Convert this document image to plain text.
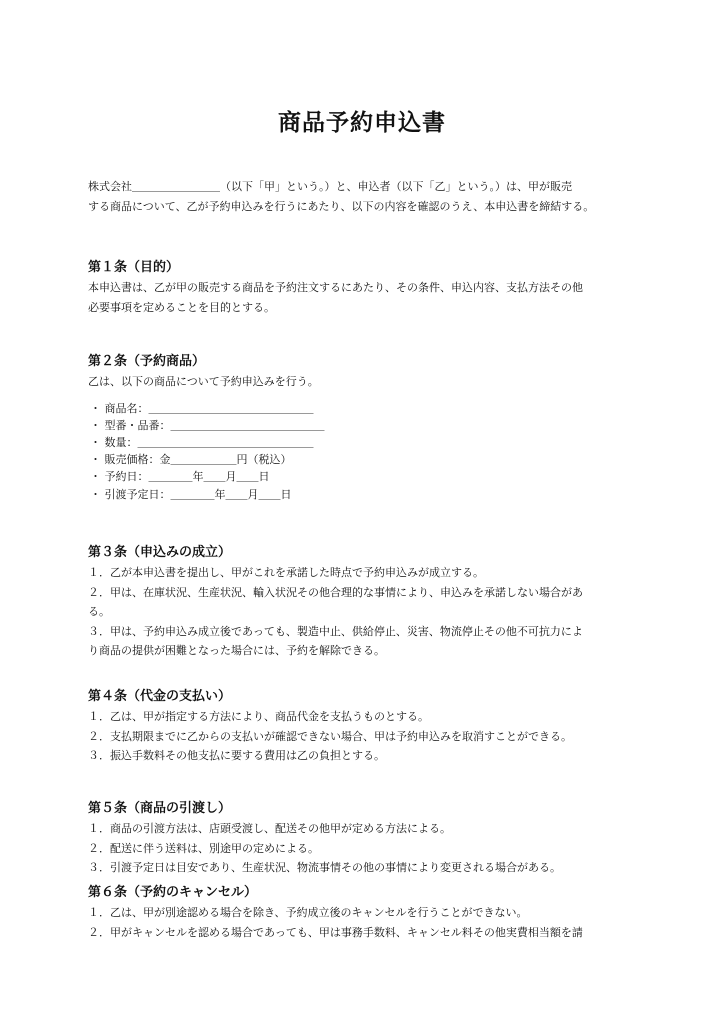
商品予約申込書

株式会社＿＿＿＿＿＿＿＿（以下「甲」という。）と、申込者（以下「乙」という。）は、甲が販売

する商品について、乙が予約申込みを行うにあたり、以下の内容を確認のうえ、本申込書を締結する。

第１条（目的）

本申込書は、乙が甲の販売する商品を予約注文するにあたり、その条件、申込内容、支払方法その他

必要事項を定めることを目的とする。

第２条（予約商品）

乙は、以下の商品について予約申込みを行う。

・ 商品名：＿＿＿＿＿＿＿＿＿＿＿＿＿＿＿
・ 型番・品番：＿＿＿＿＿＿＿＿＿＿＿＿＿＿
・ 数量：＿＿＿＿＿＿＿＿＿＿＿＿＿＿＿＿
・ 販売価格：金＿＿＿＿＿＿円（税込）
・ 予約日：＿＿＿＿年＿＿月＿＿日
・ 引渡予定日：＿＿＿＿年＿＿月＿＿日
第３条（申込みの成立）

１．乙が本申込書を提出し、甲がこれを承諾した時点で予約申込みが成立する。

２．甲は、在庫状況、生産状況、輸入状況その他合理的な事情により、申込みを承諾しない場合があ

る。

３．甲は、予約申込み成立後であっても、製造中止、供給停止、災害、物流停止その他不可抗力によ

り商品の提供が困難となった場合には、予約を解除できる。

第４条（代金の支払い）

１．乙は、甲が指定する方法により、商品代金を支払うものとする。

２．支払期限までに乙からの支払いが確認できない場合、甲は予約申込みを取消すことができる。

３．振込手数料その他支払に要する費用は乙の負担とする。

第５条（商品の引渡し）

１．商品の引渡方法は、店頭受渡し、配送その他甲が定める方法による。

２．配送に伴う送料は、別途甲の定めによる。

３．引渡予定日は目安であり、生産状況、物流事情その他の事情により変更される場合がある。

第６条（予約のキャンセル）

１．乙は、甲が別途認める場合を除き、予約成立後のキャンセルを行うことができない。

２．甲がキャンセルを認める場合であっても、甲は事務手数料、キャンセル料その他実費相当額を請
